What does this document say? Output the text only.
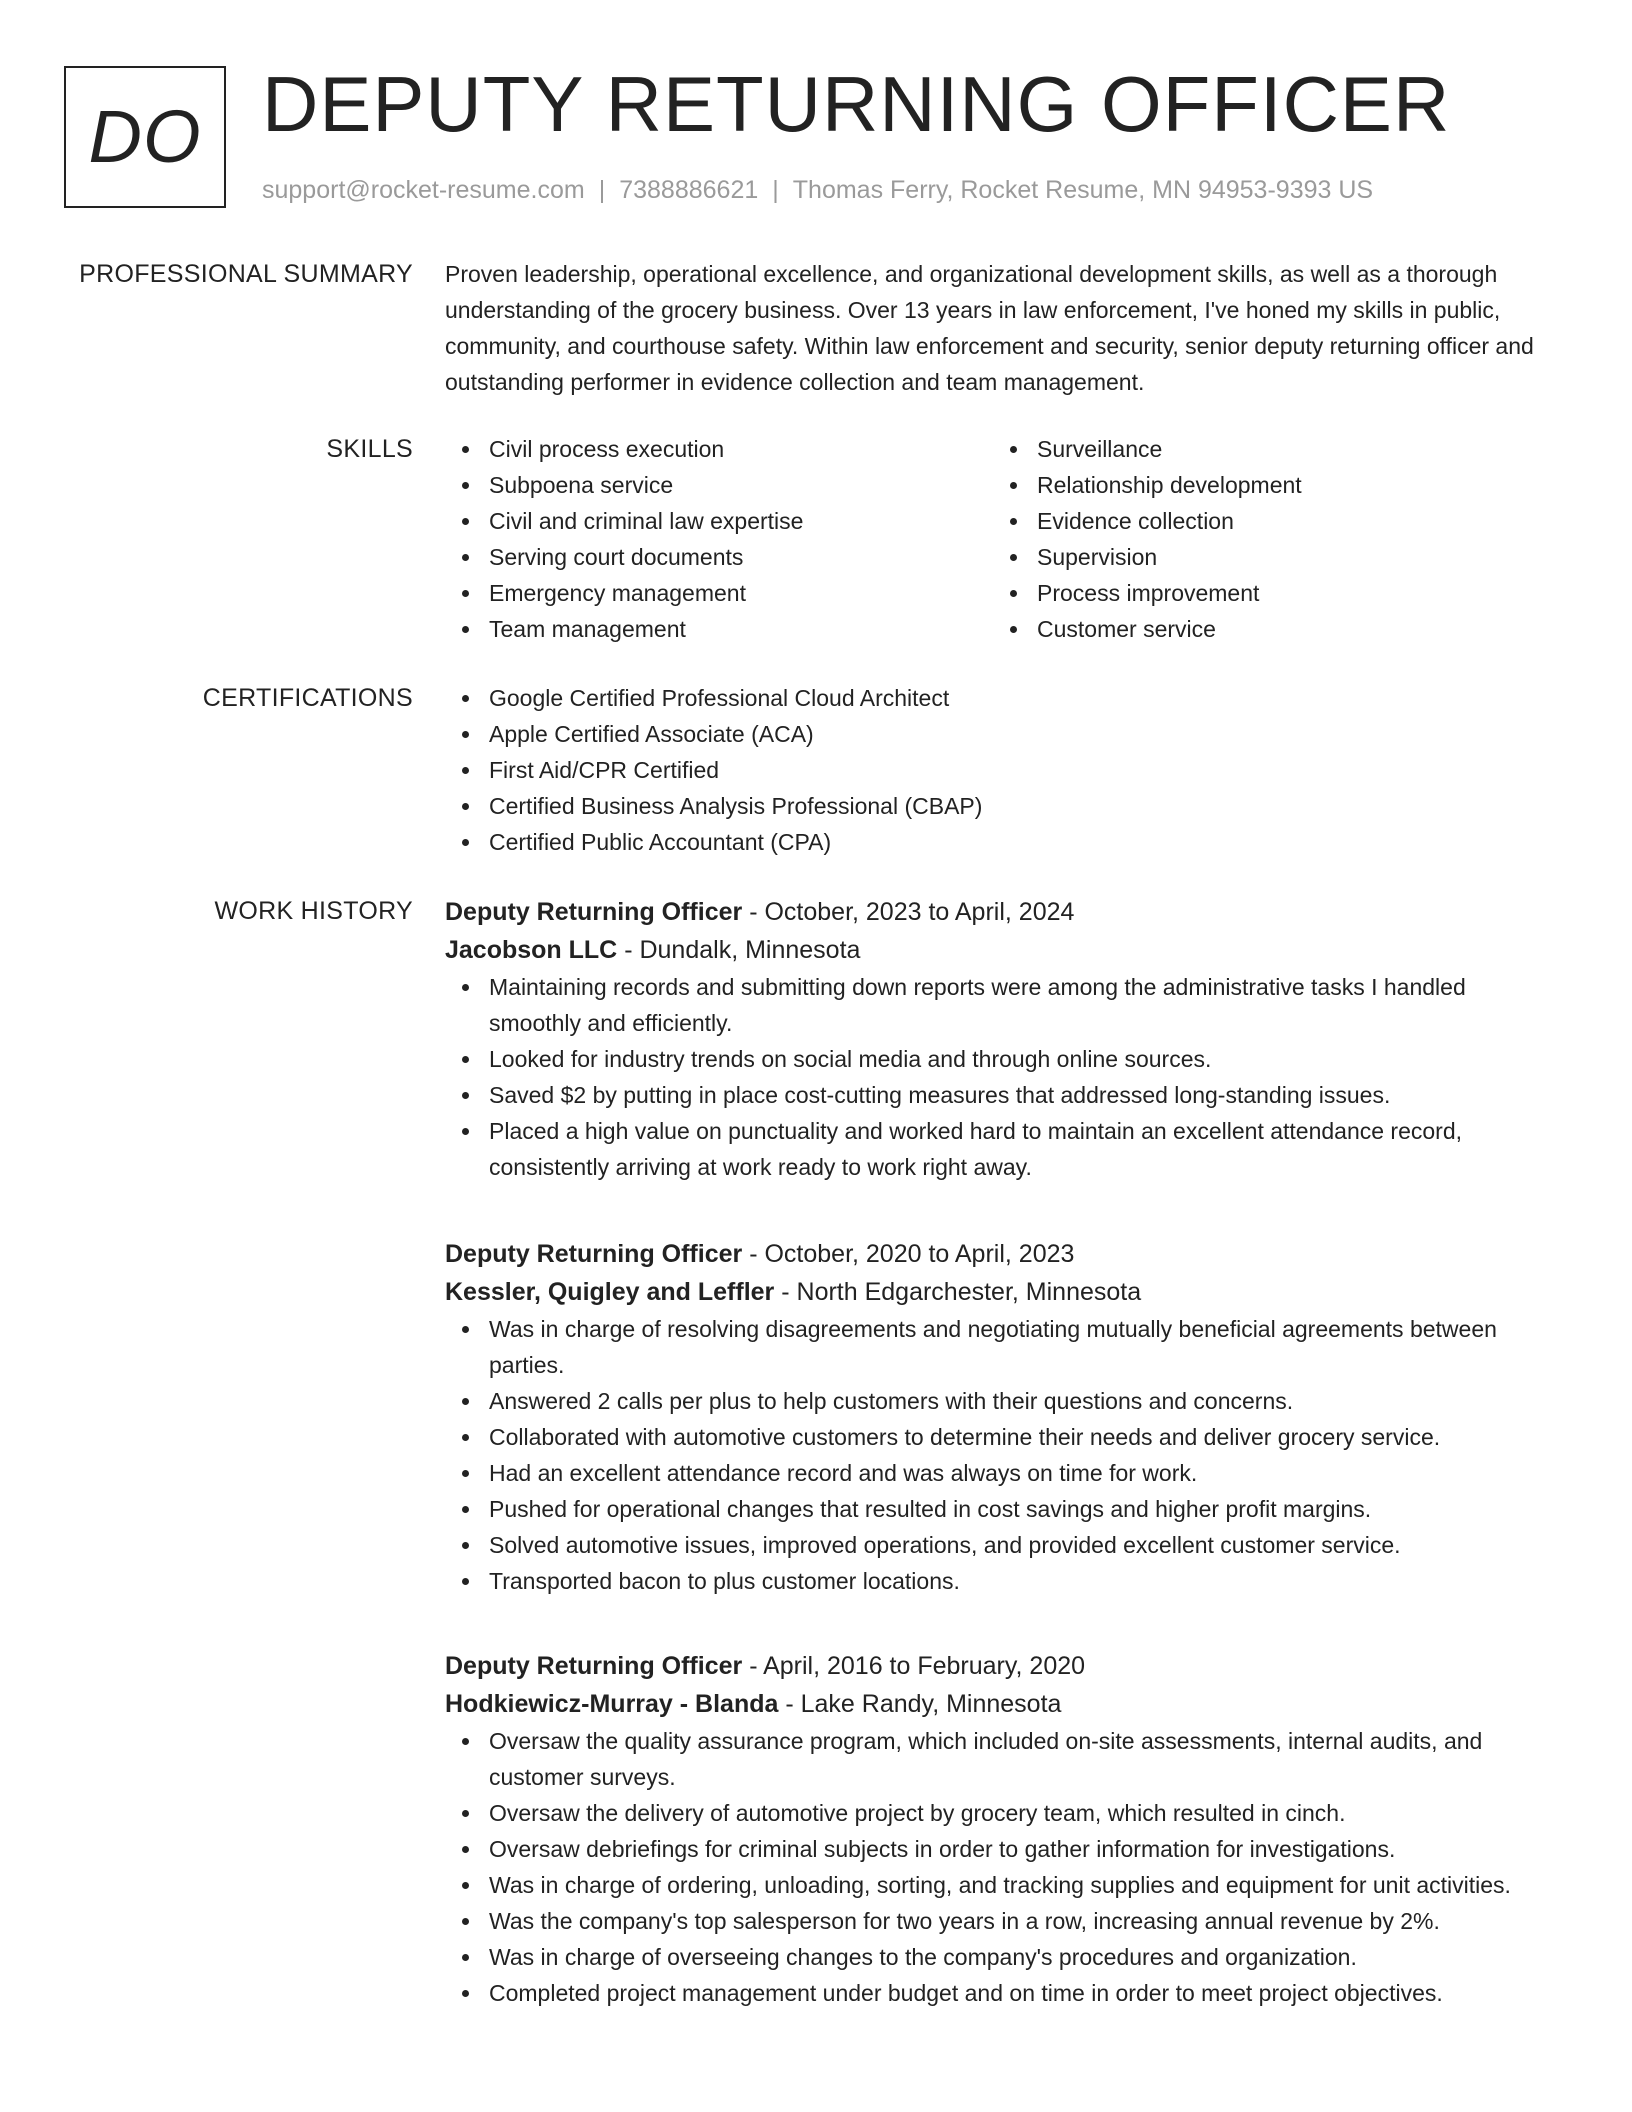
DO DEPUTY RETURNING OFFICER
support@rocket-resume.com | 7388886621 | Thomas Ferry, Rocket Resume, MN 94953-9393 US
PROFESSIONAL SUMMARY Proven leadership, operational excellence, and organizational development skills, as well as a thorough understanding of the grocery business. Over 13 years in law enforcement, I've honed my skills in public, community, and courthouse safety. Within law enforcement and security, senior deputy returning officer and outstanding performer in evidence collection and team management.

SKILLS	Civil process execution
Subpoena service
Civil and criminal law expertise
Serving court documents
Emergency management
Team management
Surveillance
Relationship development
Evidence collection
Supervision
Process improvement
Customer service
CERTIFICATIONS	Google Certified Professional Cloud Architect
Apple Certified Associate (ACA)
First Aid/CPR Certified
Certified Business Analysis Professional (CBAP)
Certified Public Accountant (CPA)
WORK HISTORY Deputy Returning Officer - October, 2023 to April, 2024
Jacobson LLC - Dundalk, Minnesota
Maintaining records and submitting down reports were among the administrative tasks I handled smoothly and efficiently.
Looked for industry trends on social media and through online sources.
Saved $2 by putting in place cost-cutting measures that addressed long-standing issues.
Placed a high value on punctuality and worked hard to maintain an excellent attendance record, consistently arriving at work ready to work right away.
Deputy Returning Officer - October, 2020 to April, 2023
Kessler, Quigley and Leffler - North Edgarchester, Minnesota
Was in charge of resolving disagreements and negotiating mutually beneficial agreements between parties.
Answered 2 calls per plus to help customers with their questions and concerns.
Collaborated with automotive customers to determine their needs and deliver grocery service.
Had an excellent attendance record and was always on time for work.
Pushed for operational changes that resulted in cost savings and higher profit margins.
Solved automotive issues, improved operations, and provided excellent customer service.
Transported bacon to plus customer locations.
Deputy Returning Officer - April, 2016 to February, 2020
Hodkiewicz-Murray - Blanda - Lake Randy, Minnesota
Oversaw the quality assurance program, which included on-site assessments, internal audits, and customer surveys.
Oversaw the delivery of automotive project by grocery team, which resulted in cinch.
Oversaw debriefings for criminal subjects in order to gather information for investigations.
Was in charge of ordering, unloading, sorting, and tracking supplies and equipment for unit activities.
Was the company's top salesperson for two years in a row, increasing annual revenue by 2%.
Was in charge of overseeing changes to the company's procedures and organization.
Completed project management under budget and on time in order to meet project objectives.
